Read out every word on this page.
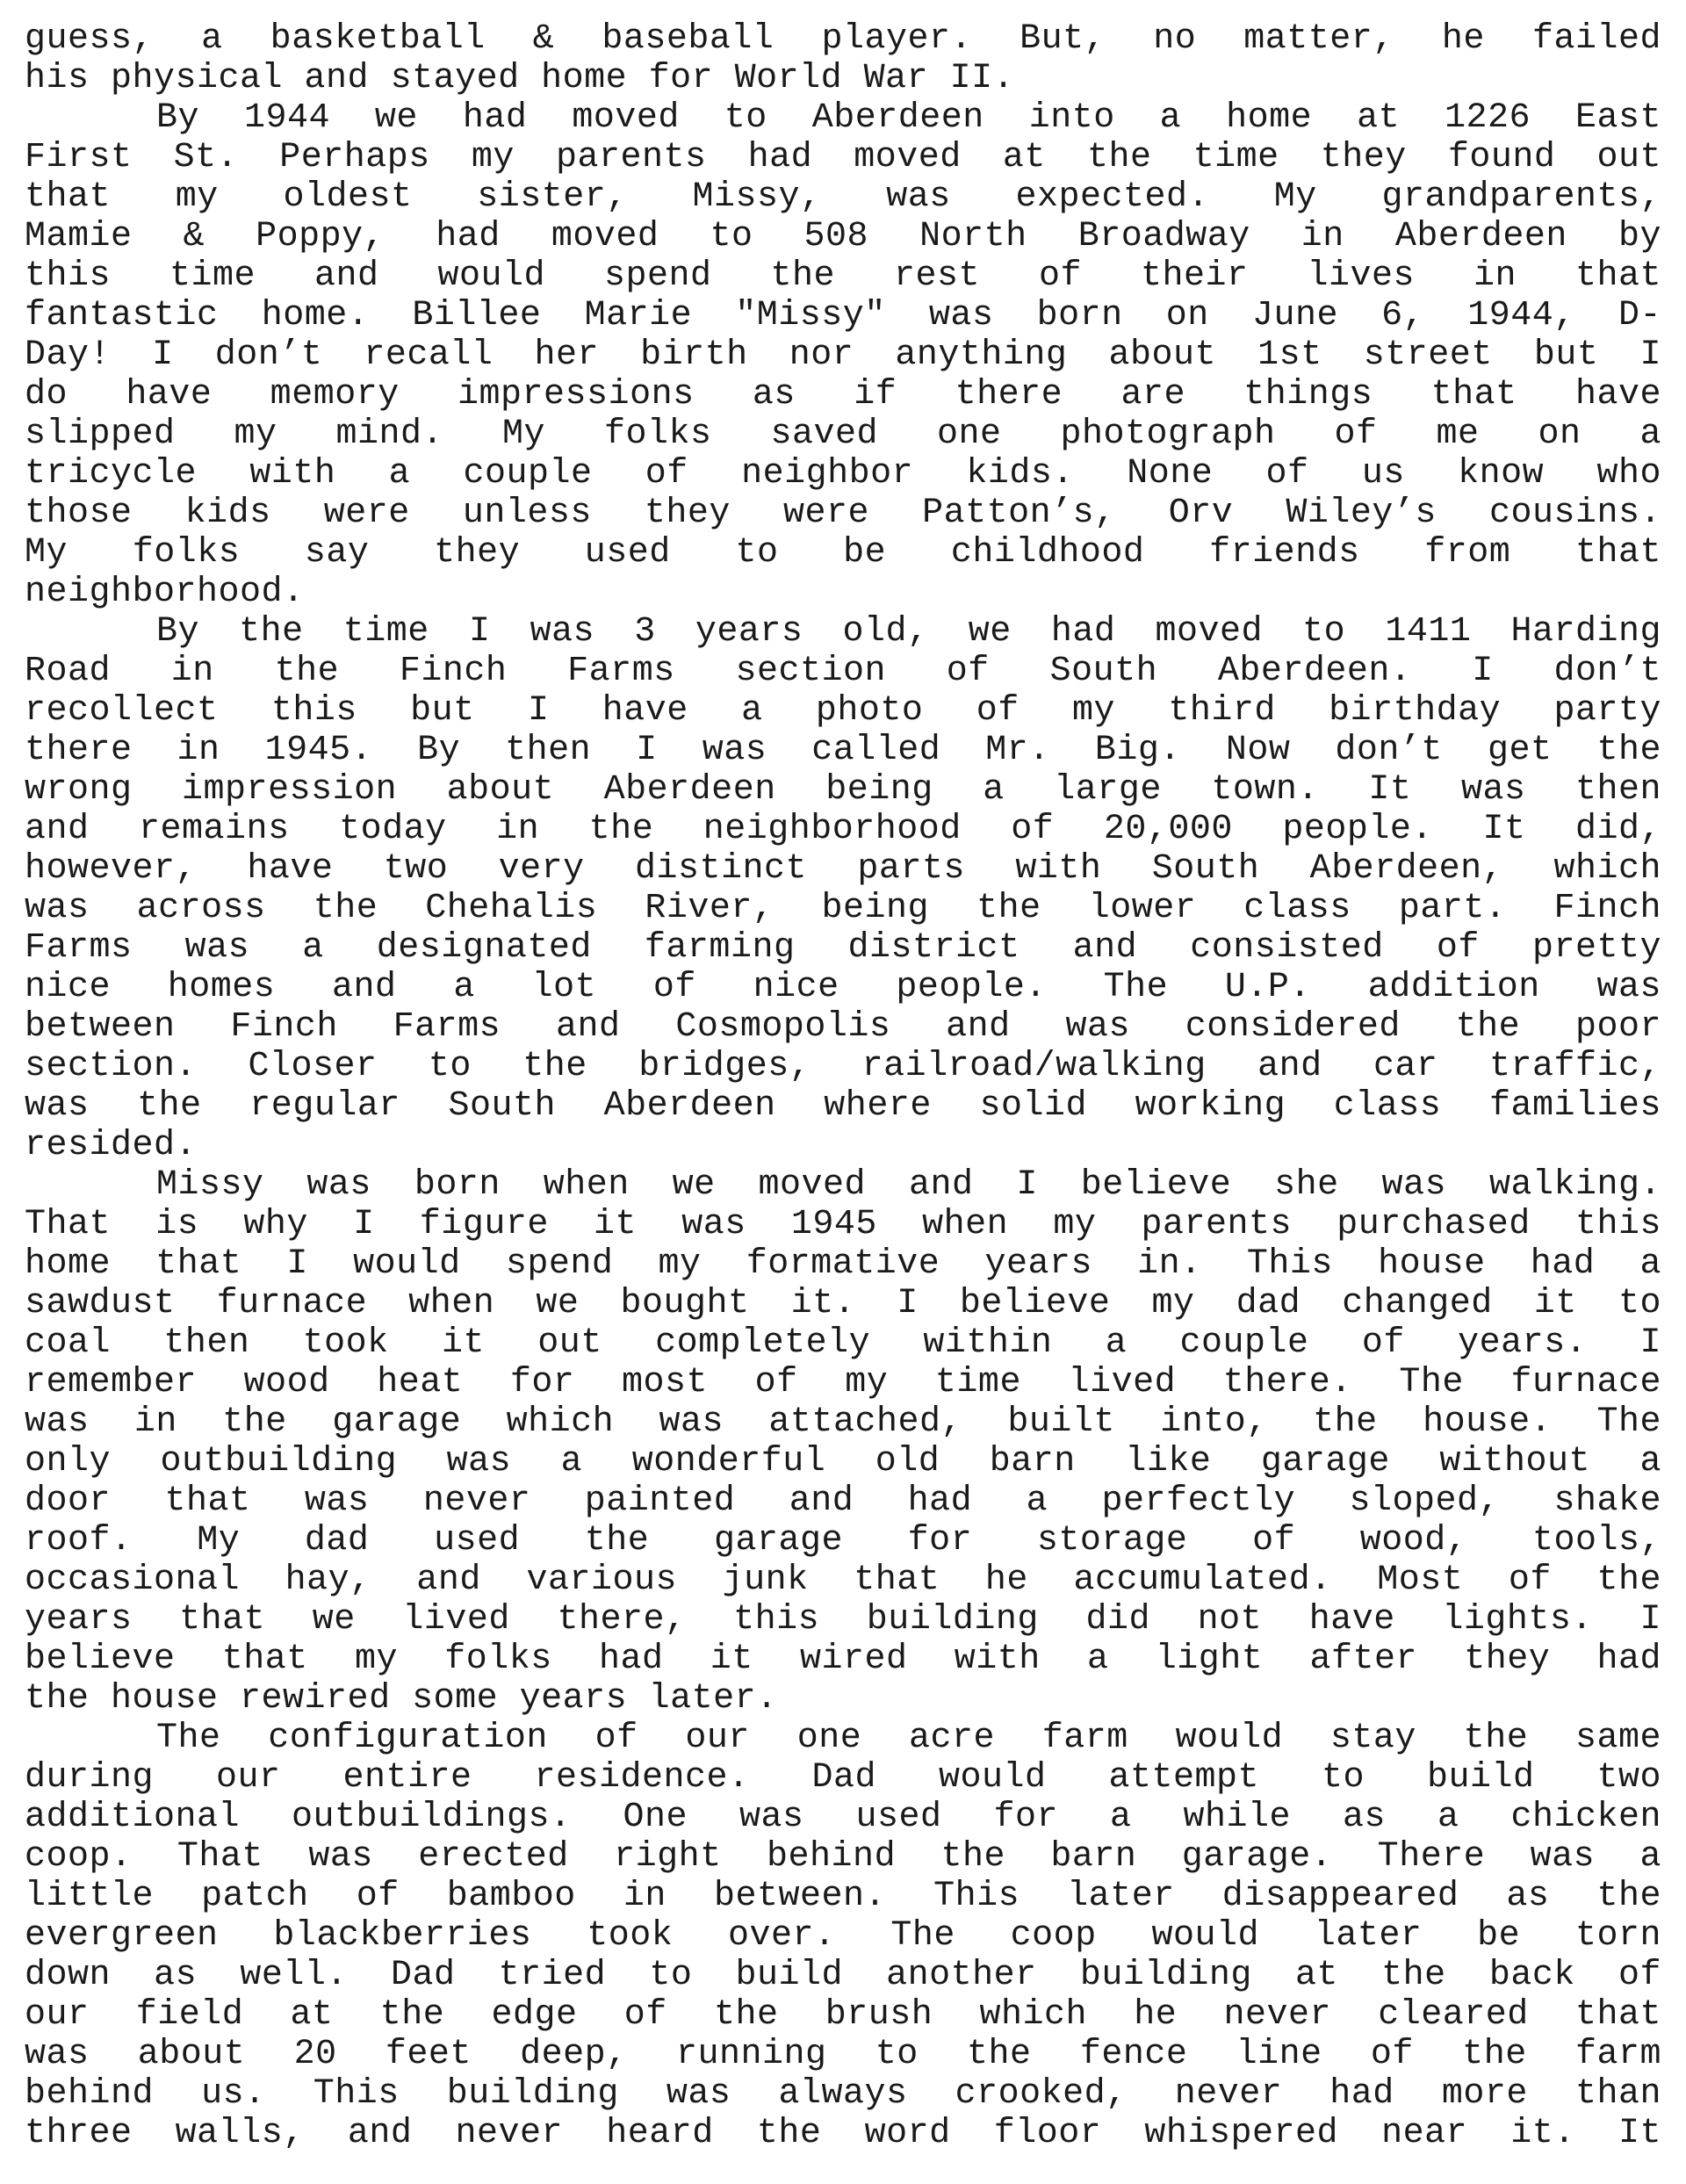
guess, a basketball & baseball player. But, no matter, he failed
his physical and stayed home for World War II.
By 1944 we had moved to Aberdeen into a home at 1226 East
First St. Perhaps my parents had moved at the time they found out
that my oldest sister, Missy, was expected. My grandparents,
Mamie & Poppy, had moved to 508 North Broadway in Aberdeen by
this time and would spend the rest of their lives in that
fantastic home. Billee Marie "Missy" was born on June 6, 1944, D-
Day! I don’t recall her birth nor anything about 1st street but I
do have memory impressions as if there are things that have
slipped my mind. My folks saved one photograph of me on a
tricycle with a couple of neighbor kids. None of us know who
those kids were unless they were Patton’s, Orv Wiley’s cousins.
My folks say they used to be childhood friends from that
neighborhood.
By the time I was 3 years old, we had moved to 1411 Harding
Road in the Finch Farms section of South Aberdeen. I don’t
recollect this but I have a photo of my third birthday party
there in 1945. By then I was called Mr. Big. Now don’t get the
wrong impression about Aberdeen being a large town. It was then
and remains today in the neighborhood of 20,000 people. It did,
however, have two very distinct parts with South Aberdeen, which
was across the Chehalis River, being the lower class part. Finch
Farms was a designated farming district and consisted of pretty
nice homes and a lot of nice people. The U.P. addition was
between Finch Farms and Cosmopolis and was considered the poor
section. Closer to the bridges, railroad/walking and car traffic,
was the regular South Aberdeen where solid working class families
resided.
Missy was born when we moved and I believe she was walking.
That is why I figure it was 1945 when my parents purchased this
home that I would spend my formative years in. This house had a
sawdust furnace when we bought it. I believe my dad changed it to
coal then took it out completely within a couple of years. I
remember wood heat for most of my time lived there. The furnace
was in the garage which was attached, built into, the house. The
only outbuilding was a wonderful old barn like garage without a
door that was never painted and had a perfectly sloped, shake
roof. My dad used the garage for storage of wood, tools,
occasional hay, and various junk that he accumulated. Most of the
years that we lived there, this building did not have lights. I
believe that my folks had it wired with a light after they had
the house rewired some years later.
The configuration of our one acre farm would stay the same
during our entire residence. Dad would attempt to build two
additional outbuildings. One was used for a while as a chicken
coop. That was erected right behind the barn garage. There was a
little patch of bamboo in between. This later disappeared as the
evergreen blackberries took over. The coop would later be torn
down as well. Dad tried to build another building at the back of
our field at the edge of the brush which he never cleared that
was about 20 feet deep, running to the fence line of the farm
behind us. This building was always crooked, never had more than
three walls, and never heard the word floor whispered near it. It
